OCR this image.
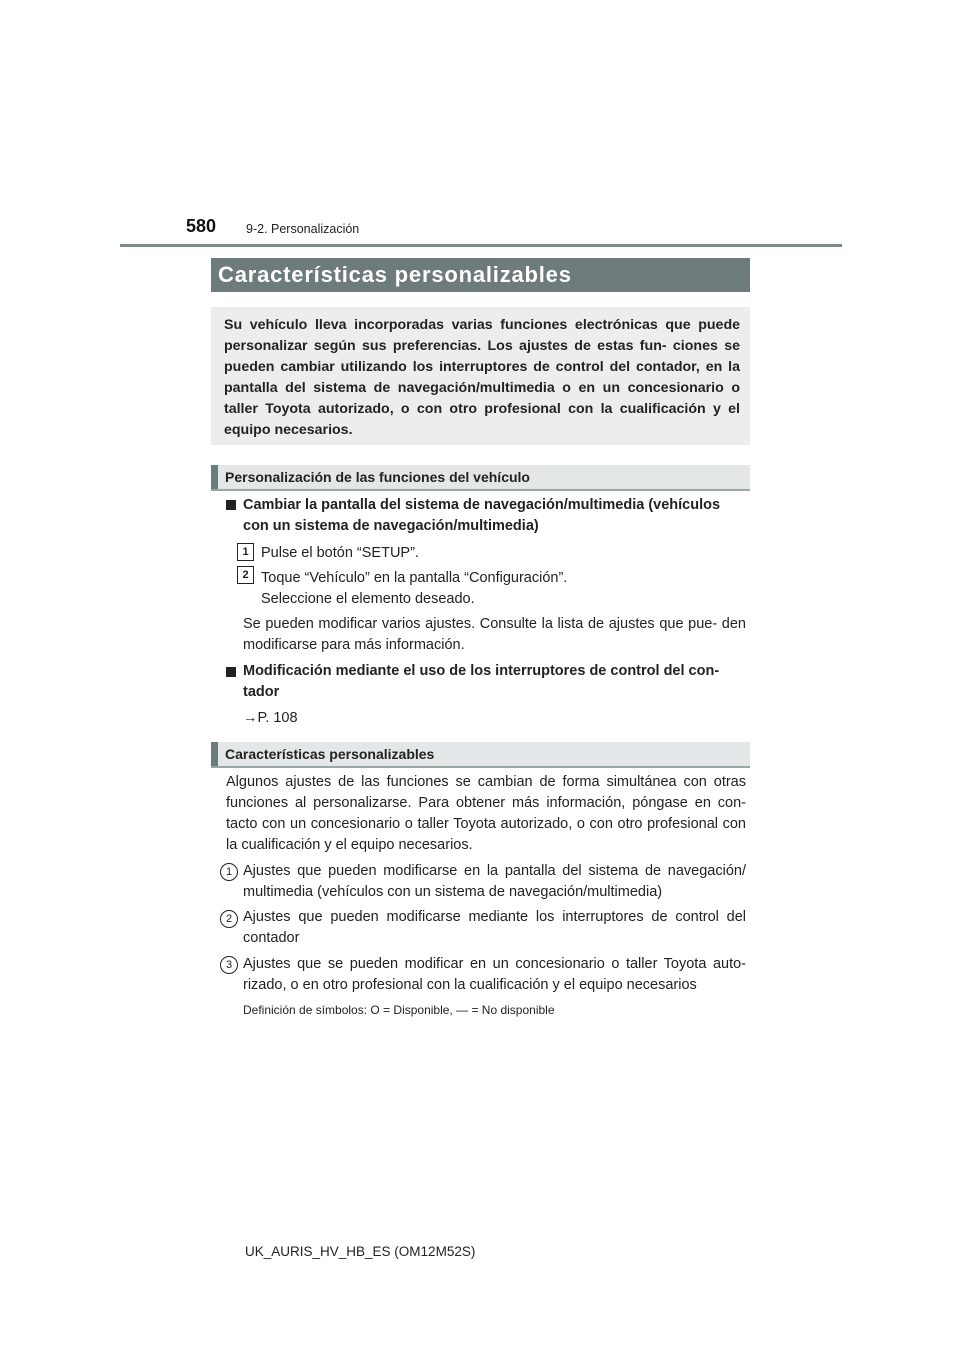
580 9-2. Personalización
Características personalizables
Su vehículo lleva incorporadas varias funciones electrónicas que puede personalizar según sus preferencias. Los ajustes de estas fun- ciones se pueden cambiar utilizando los interruptores de control del contador, en la pantalla del sistema de navegación/multimedia o en un concesionario o taller Toyota autorizado, o con otro profesional con la cualificación y el equipo necesarios.
Personalización de las funciones del vehículo
Cambiar la pantalla del sistema de navegación/multimedia (vehículos
con un sistema de navegación/multimedia)
1 Pulse el botón “SETUP”.
2 Toque “Vehículo” en la pantalla “Configuración”.
Seleccione el elemento deseado.
Se pueden modificar varios ajustes. Consulte la lista de ajustes que pue- den modificarse para más información.
Modificación mediante el uso de los interruptores de control del con-
tador
→P. 108
Características personalizables
Algunos ajustes de las funciones se cambian de forma simultánea con otras funciones al personalizarse. Para obtener más información, póngase en con- tacto con un concesionario o taller Toyota autorizado, o con otro profesional con la cualificación y el equipo necesarios.
1 Ajustes que pueden modificarse en la pantalla del sistema de navegación/ multimedia (vehículos con un sistema de navegación/multimedia)
2 Ajustes que pueden modificarse mediante los interruptores de control del contador
3 Ajustes que se pueden modificar en un concesionario o taller Toyota auto- rizado, o en otro profesional con la cualificación y el equipo necesarios
Definición de símbolos: O = Disponible, — = No disponible
UK_AURIS_HV_HB_ES (OM12M52S)
